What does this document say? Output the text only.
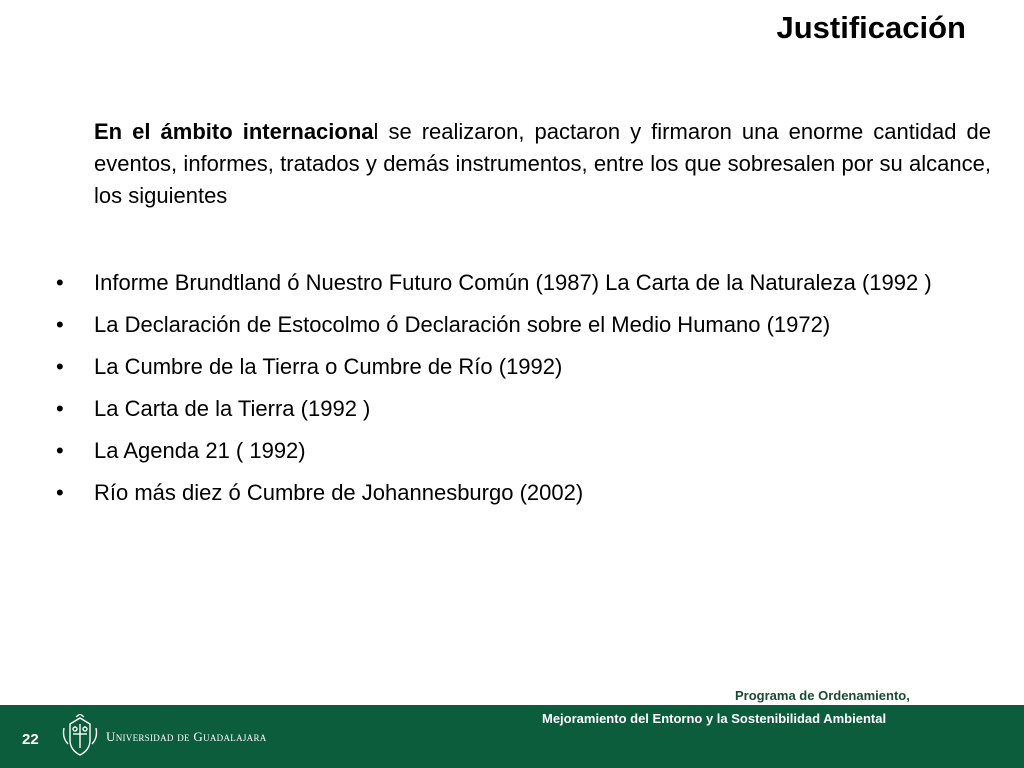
Justificación

En el ámbito internacional se realizaron, pactaron y firmaron una enorme cantidad de eventos, informes, tratados y demás instrumentos, entre los que sobresalen por su alcance, los siguientes

• Informe Brundtland ó Nuestro Futuro Común (1987) La Carta de la Naturaleza (1992 )
• La Declaración de Estocolmo ó Declaración sobre el Medio Humano (1972)
• La Cumbre de la Tierra o Cumbre de Río (1992)
• La Carta de la Tierra (1992 )
• La Agenda 21 ( 1992)
• Río más diez ó Cumbre de Johannesburgo (2002)
Programa de Ordenamiento,
Mejoramiento del Entorno y la Sostenibilidad Ambiental
22	Universidad de Guadalajara
